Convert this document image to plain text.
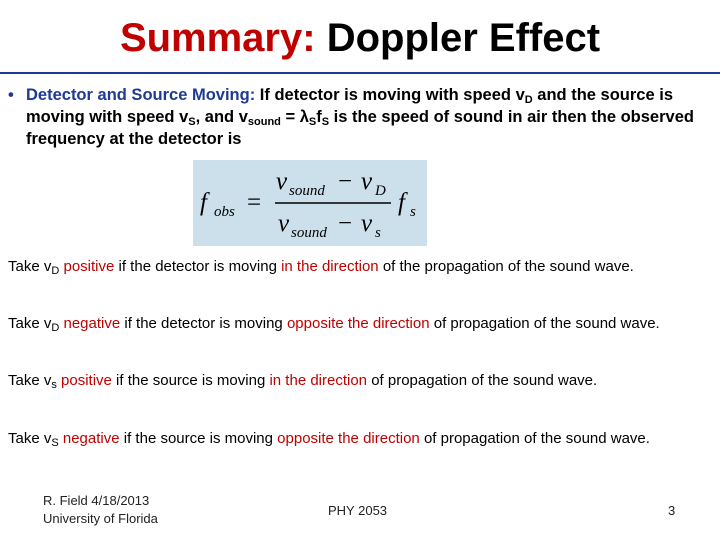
Summary: Doppler Effect
• Detector and Source Moving: If detector is moving with speed $v_D$ and the source is moving with speed $v_S$, and $v_{sound} = \lambda_Sf_S$ is the speed of sound in air then the observed frequency at the detector is
f obs =
v sound − v D
v sound − v s
f s
Take $v_D$ positive if the detector is moving in the direction of the propagation of the sound wave.
Take $v_D$ negative if the detector is moving opposite the direction of propagation of the sound wave.
Take $v_s$ positive if the source is moving in the direction of propagation of the sound wave.
Take $v_S$ negative if the source is moving opposite the direction of propagation of the sound wave.
R. Field 4/18/2013
University of Florida
PHY 2053	3
